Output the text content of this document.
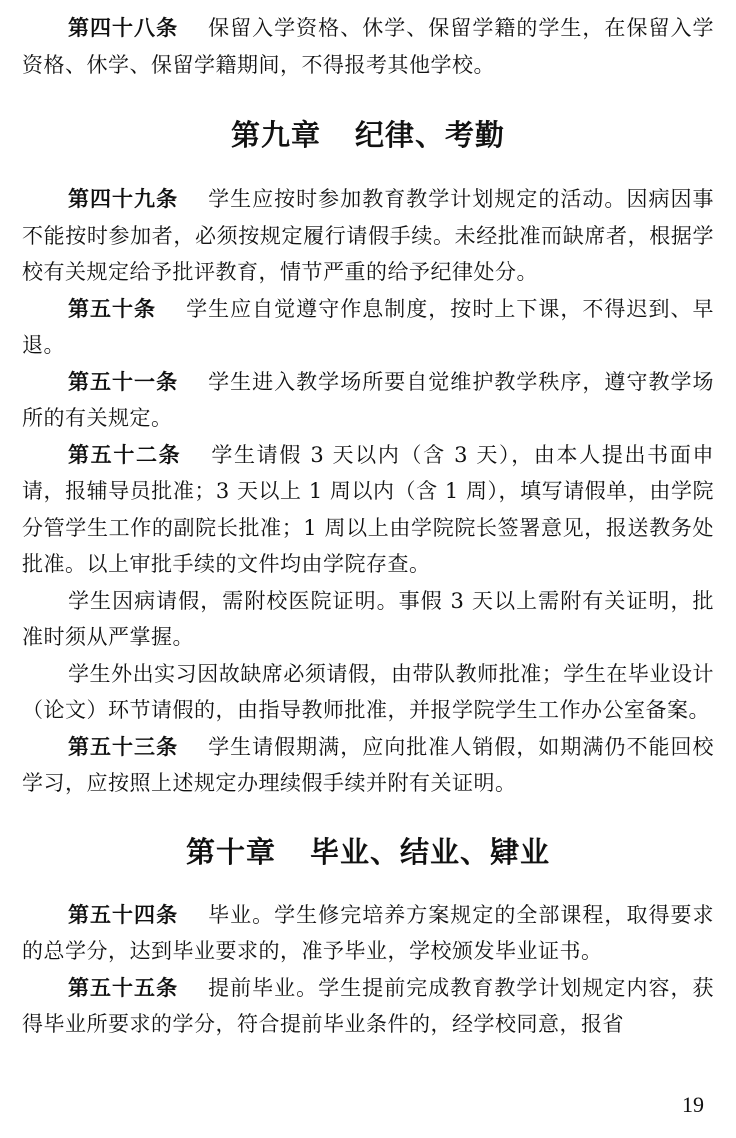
第四十八条 保留入学资格、休学、保留学籍的学生，在保留入学资格、休学、保留学籍期间，不得报考其他学校。

第九章 纪律、考勤

第四十九条 学生应按时参加教育教学计划规定的活动。因病因事不能按时参加者，必须按规定履行请假手续。未经批准而缺席者，根据学校有关规定给予批评教育，情节严重的给予纪律处分。

第五十条 学生应自觉遵守作息制度，按时上下课，不得迟到、早退。

第五十一条 学生进入教学场所要自觉维护教学秩序，遵守教学场所的有关规定。

第五十二条 学生请假 3 天以内（含 3 天），由本人提出书面申请，报辅导员批准；3 天以上 1 周以内（含 1 周），填写请假单，由学院分管学生工作的副院长批准；1 周以上由学院院长签署意见，报送教务处批准。以上审批手续的文件均由学院存查。

学生因病请假，需附校医院证明。事假 3 天以上需附有关证明，批准时须从严掌握。

学生外出实习因故缺席必须请假，由带队教师批准；学生在毕业设计（论文）环节请假的，由指导教师批准，并报学院学生工作办公室备案。

第五十三条 学生请假期满，应向批准人销假，如期满仍不能回校学习，应按照上述规定办理续假手续并附有关证明。

第十章 毕业、结业、肄业

第五十四条 毕业。学生修完培养方案规定的全部课程，取得要求的总学分，达到毕业要求的，准予毕业，学校颁发毕业证书。

第五十五条 提前毕业。学生提前完成教育教学计划规定内容，获得毕业所要求的学分，符合提前毕业条件的，经学校同意，报省

19
